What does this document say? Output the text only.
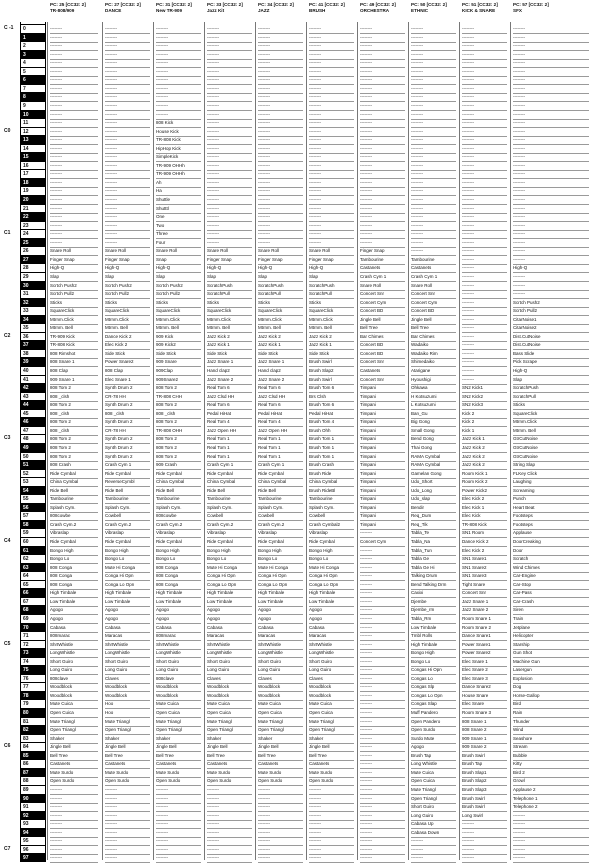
PC: 25 [CC32: 2]
TR-808/909
PC: 27 [CC32: 2]
DANCE
PC: 31 [CC32: 2]
New TR-909
PC: 33 [CC32: 2]
Jazz Kit
PC: 34 [CC32: 2]
JAZZ
PC: 41 [CC32: 2]
BRUSH
PC: 49 [CC32: 2]
ORCHESTRA
PC: 50 [CC32: 2]
ETHNIC
PC: 51 [CC32: 2]
KICK & SNARE
PC: 57 [CC32: 2]
SFX
C -1
C0
C1
C2
C3
C4
C5
C6
C7
0	--------	--------	--------	--------	--------	--------	--------	--------	--------	--------
1	--------	--------	--------	--------	--------	--------	--------	--------	--------	--------
2	--------	--------	--------	--------	--------	--------	--------	--------	--------	--------
3	--------	--------	--------	--------	--------	--------	--------	--------	--------	--------
4	--------	--------	--------	--------	--------	--------	--------	--------	--------	--------
5	--------	--------	--------	--------	--------	--------	--------	--------	--------	--------
6	--------	--------	--------	--------	--------	--------	--------	--------	--------	--------
7	--------	--------	--------	--------	--------	--------	--------	--------	--------	--------
8	--------	--------	--------	--------	--------	--------	--------	--------	--------	--------
9	--------	--------	--------	--------	--------	--------	--------	--------	--------	--------
10	--------	--------	--------	--------	--------	--------	--------	--------	--------	--------
11	--------	--------	808 Kick	--------	--------	--------	--------	--------	--------	--------
12	--------	--------	House Kick	--------	--------	--------	--------	--------	--------	--------
13	--------	--------	TR-808 Kick	--------	--------	--------	--------	--------	--------	--------
14	--------	--------	HipHop Kick	--------	--------	--------	--------	--------	--------	--------
15	--------	--------	SimpleKick	--------	--------	--------	--------	--------	--------	--------
16	--------	--------	TR-909 OHHh	--------	--------	--------	--------	--------	--------	--------
17	--------	--------	TR-909 OHHh	--------	--------	--------	--------	--------	--------	--------
18	--------	--------	Ah	--------	--------	--------	--------	--------	--------	--------
19	--------	--------	Ha	--------	--------	--------	--------	--------	--------	--------
20	--------	--------	Shuttle	--------	--------	--------	--------	--------	--------	--------
21	--------	--------	Shutttl	--------	--------	--------	--------	--------	--------	--------
22	--------	--------	One	--------	--------	--------	--------	--------	--------	--------
23	--------	--------	Two	--------	--------	--------	--------	--------	--------	--------
24	--------	--------	Three	--------	--------	--------	--------	--------	--------	--------
25	--------	--------	Four	--------	--------	--------	--------	--------	--------	--------
26	Snare Roll	Snare Roll	Snare Roll	Snare Roll	Snare Roll	Snare Roll	Finger Snap	--------	--------	--------
27	Finger Snap	Finger Snap	Snap	Finger Snap	Finger Snap	Finger Snap	Tambourine	Tambourine	--------	--------
28	High-Q	High-Q	High-Q	High-Q	High-Q	High-Q	Castanets	Castanets	--------	High-Q
29	Slap	Slap	Slap	Slap	Slap	Slap	Crash Cym 1	Crash Cym 1	--------	--------
30	Scrtch Push2	Scrtch Push2	Scrtch Push2	ScratchPush	ScratchPush	ScratchPush	Snare Roll	Snare Roll	--------	--------
31	Scrtch Pull2	Scrtch Pull2	Scrtch Pull2	ScratchPull	ScratchPull	ScratchPull	Concert Snr	Concert Snr	--------	--------
32	Sticks	Sticks	Sticks	Sticks	Sticks	Sticks	Concert Cym	Concert Cym	--------	Scrtch Push2
33	SquareClick	SquareClick	SquareClick	SquareClick	SquareClick	SquareClick	Concert BD	Concert BD	--------	Scrtch Pull2
34	Mtrnm.Click	Mtrnm.Click	Mtrnm.Click	Mtrnm.Click	Mtrnm.Click	Mtrnm.Click	Jingle Bell	Jingle Bell	--------	CitarNoise1
35	Mtrnm. Bell	Mtrnm. Bell	Mtrnm. Bell	Mtrnm. Bell	Mtrnm. Bell	Mtrnm. Bell	Bell Tree	Bell Tree	--------	CitarNoise2
36	TR-909 Kick	Dance Kick 2	909 Kick	Jazz Kick 2	Jazz Kick 2	Jazz Kick 2	Bar Chimes	Bar Chimes	--------	Dist.CutNoise
37	TR-808 Kick	Elec Kick 2	909 Kick2	Jazz Kick 1	Jazz Kick 1	Jazz Kick 1	Concert BD	Wadaiko	--------	Dist.CutNoise
38	808 Rimshot	Side Stick	Side Stick	Side Stick	Side Stick	Side Stick	Concert BD	Wadaiko Rim	--------	Bass Slide
39	808 Snare 1	Power Snare2	909 Snare	Jazz Snare 1	Jazz Snare 1	Brush Swirl	Concert Snr	Shimedaiko	--------	Pick Scrape
40	808 Clap	808 Clap	909Clap	Hand clap2	Hand clap2	Brush Slap2	Castanets	Atarigane	--------	High-Q
41	909 Snare 1	Elec Snare 1	909Snare2	Jazz Snare 2	Jazz Snare 2	Brush Swirl	Concert Snr	Hyoushigi	--------	Slap
42	808 Tom 2	Synth Drum 2	808 Tom 2	Real Tom 6	Real Tom 6	Brush Tom 6	Timpani	Ohkawa	SN2 Kick1	ScratchPush
43	808 _clsh	CR-78 HH	TR-808 CHH	Jazz Clsd HH	Jazz Clsd HH	Brs Clsh	Timpani	H Kotsuzumi	SN2 Kick2	ScratchPull
44	808 Tom 2	Synth Drum 2	808 Tom 2	Real Tom 6	Real Tom 6	Brush Tom 6	Timpani	L Kotsuzumi	SN2 Kick3	Sticks
45	808 _clsh	808 _clsh	808 _clsh	Pedal HiHat	Pedal HiHat	Pedal HiHat	Timpani	Ban_Gu	Kick 2	SquareClick
46	808 Tom 2	Synth Drum 2	808 Tom 2	Real Tom 4	Real Tom 4	Brush Tom 4	Timpani	Big Gong	Kick 2	Mtrnm.Click
47	808 _clsh	CR-78 HH	TR-808 OHH	Jazz Open HH	Jazz Open HH	Brush Ohh	Timpani	Small Gong	Kick 1	Mtrnm. Bell
48	808 Tom 2	Synth Drum 2	808 Tom 2	Real Tom 1	Real Tom 1	Brush Tom 1	Timpani	Bend Gong	Jazz Kick 1	GtrCutNoise
49	808 Tom 2	Synth Drum 2	808 Tom 2	Real Tom 1	Real Tom 1	Brush Tom 1	Timpani	Thai Gong	Jazz Kick 2	GtrCutNoise
50	808 Tom 2	Synth Drum 2	808 Tom 2	Real Tom 1	Real Tom 1	Brush Tom 1	Timpani	RAMA Cymbal	Jazz Kick 2	GtrCutNoise
51	808 Crash	Crash Cym 1	909 Crash	Crash Cym 1	Crash Cym 1	Brush Crash	Timpani	RAMA Cymbal	Jazz Kick 2	String Slap
52	Ride Cymbal	Ride Cymbal	Ride Cymbal	Ride Cymbal	Ride Cymbal	Brush Ride	Timpani	Gamelan Gong	Room Kick 1	FLKey Click
53	China Cymbal	ReverseCymbl	China Cymbal	China Cymbal	China Cymbal	China Cymbal	Timpani	Udo_Short	Room Kick 2	Laughing
54	Ride Bell	Ride Bell	Ride Bell	Ride Bell	Ride Bell	Brush RideBl	Timpani	Udo_Long	Power Kick2	Screaming
55	Tambourine	Tambourine	Tambourine	Tambourine	Tambourine	Tambourine	Timpani	Udo_slap	Elec Kick 2	Punch
56	Splash Cym.	Splash Cym.	Splash Cym.	Splash Cym.	Splash Cym.	Splash Cym.	Timpani	Bendir	Elec Kick 1	Heart Beat
57	808cowbe	Cowbell	808cowbe	Cowbell	Cowbell	Cowbell	Timpani	Req_Dum	Elec Kick	Footsteps
58	Crash Cym.2	Crash Cym.2	Crash Cym.2	Crash Cym.2	Crash Cym.2	Crash Cymbal2	Timpani	Req_Tik	TR-808 Kick	Footsteps
59	Vibraslap	Vibraslap	Vibraslap	Vibraslap	Vibraslap	Vibraslap	--------	Tabla_Te	SN1 Room	Applause
60	Ride Cymbal	Ride Cymbal	Ride Cymbal	Ride Cymbal	Ride Cymbal	Ride Cymbal	Concert Cym	Tabla_Na	Dance Kick 2	DoorCreaking
61	Bongo High	Bongo High	Bongo High	Bongo High	Bongo High	Bongo High	--------	Tabla_Tun	Elec Kick 2	Door
62	Bongo Lo	Bongo Lo	Bongo Lo	Bongo Lo	Bongo Lo	Bongo Lo	--------	Tabla Ge	SN1 Snare1	Scratch
63	808 Conga	Mute Hi Conga	808 Conga	Mute Hi Conga	Mute Hi Conga	Mute Hi Conga	--------	Tabla Ge Hi	SN1 Snare2	Wind Chimes
64	808 Conga	Conga Hi Opn	808 Conga	Conga Hi Opn	Conga Hi Opn	Conga Hi Opn	--------	Talking Drum	SN1 Snare3	Car-Engine
65	808 Conga	Conga Lo Opn	808 Conga	Conga Lo Opn	Conga Lo Opn	Conga Lo Opn	--------	Bend Talking Drm	Tight Snare	Car-Stop
66	High Timbale	High Timbale	High Timbale	High Timbale	High Timbale	High Timbale	--------	Caxixi	Concert Snr	Car-Pass
67	Low Timbale	Low Timbale	Low Timbale	Low Timbale	Low Timbale	Low Timbale	--------	Djembe	Jazz Snare 1	Car-Crash
68	Agogo	Agogo	Agogo	Agogo	Agogo	Agogo	--------	Djembe_rm	Jazz Snare 2	Siren
69	Agogo	Agogo	Agogo	Agogo	Agogo	Agogo	--------	Tabla_Rm	Room Snare 1	Train
70	Cabasa	Cabasa	Cabasa	Cabasa	Cabasa	Cabasa	--------	Low Timbale	Room Snare 2	Jetplane
71	808marac	Maracas	808marac	Maracas	Maracas	Maracas	--------	Tmbl Rolls	Dance Snare1	Helicopter
72	ShrtWhistle	ShrtWhistle	ShrtWhistle	ShrtWhistle	ShrtWhistle	ShrtWhistle	--------	High Timbale	Power Snare1	Starship
73	LongWhistle	LongWhistle	LongWhistle	LongWhistle	LongWhistle	LongWhistle	--------	Bongo High	Power Snare2	Gun Shot
74	Short Guiro	Short Guiro	Short Guiro	Short Guiro	Short Guiro	Short Guiro	--------	Bongo Lo	Elec Snare 1	Machine Gun
75	Long Guiro	Long Guiro	Long Guiro	Long Guiro	Long Guiro	Long Guiro	--------	Congas Hi Opn	Elec Snare 2	Lasergun
76	808clave	Claves	808clave	Claves	Claves	Claves	--------	Congas Lo	Elec Snare 3	Explosion
77	Woodblock	Woodblock	Woodblock	Woodblock	Woodblock	Woodblock	--------	Congas Slp	Dance Snare2	Dog
78	Woodblock	Woodblock	Woodblock	Woodblock	Woodblock	Woodblock	--------	Congas Lo Opn	House Snare	Horse-Gallop
79	Mute Cuica	Hoo	Mute Cuica	Mute Cuica	Mute Cuica	Mute Cuica	--------	Congas Slap	Elec Snare	Bird
80	Open Cuica	Hoo	Open Cuica	Open Cuica	Open Cuica	Open Cuica	--------	Muff Pandero	Room Snare 3	Rain
81	Mute Triangl	Mute Triangl	Mute Triangl	Mute Triangl	Mute Triangl	Mute Triangl	--------	Open Pandero	808 Snare 1	Thunder
82	Open Triangl	Open Triangl	Open Triangl	Open Triangl	Open Triangl	Open Triangl	--------	Open Surdo	808 Snare 2	Wind
83	Shaker	Shaker	Shaker	Shaker	Shaker	Shaker	--------	Surdo Mute	909 Snare 1	Seashore
84	Jingle Bell	Jingle Bell	Jingle Bell	Jingle Bell	Jingle Bell	Jingle Bell	--------	Agogo	909 Snare 2	Stream
85	Bell Tree	Bell Tree	Bell Tree	Bell Tree	Bell Tree	Bell Tree	--------	Brush Tap	Brush Swirl	Bubble
86	Castanets	Castanets	Castanets	Castanets	Castanets	Castanets	--------	Long Whistle	Brush Tap	Kitty
87	Mute Surdo	Mute Surdo	Mute Surdo	Mute Surdo	Mute Surdo	Mute Surdo	--------	Mute Cuica	Brush Slap1	Bird 2
88	Open Surdo	Open Surdo	Open Surdo	Open Surdo	Open Surdo	Open Surdo	--------	Open Cuica	Brush Slap2	Growl
89	--------	--------	--------	--------	--------	--------	--------	Mute Triangl	Brush Slap3	Applause 2
90	--------	--------	--------	--------	--------	--------	--------	Open Triangl	Brush Swirl	Telephone 1
91	--------	--------	--------	--------	--------	--------	--------	Short Guiro	Brush Swirl	Telephone 2
92	--------	--------	--------	--------	--------	--------	--------	Long Guiro	Long Swirl	--------
93	--------	--------	--------	--------	--------	--------	--------	Cabasa Up	--------	--------
94	--------	--------	--------	--------	--------	--------	--------	Cabasa Down	--------	--------
95	--------	--------	--------	--------	--------	--------	--------	--------	--------	--------
96	--------	--------	--------	--------	--------	--------	--------	--------	--------	--------
97	--------	--------	--------	--------	--------	--------	--------	--------	--------	--------
